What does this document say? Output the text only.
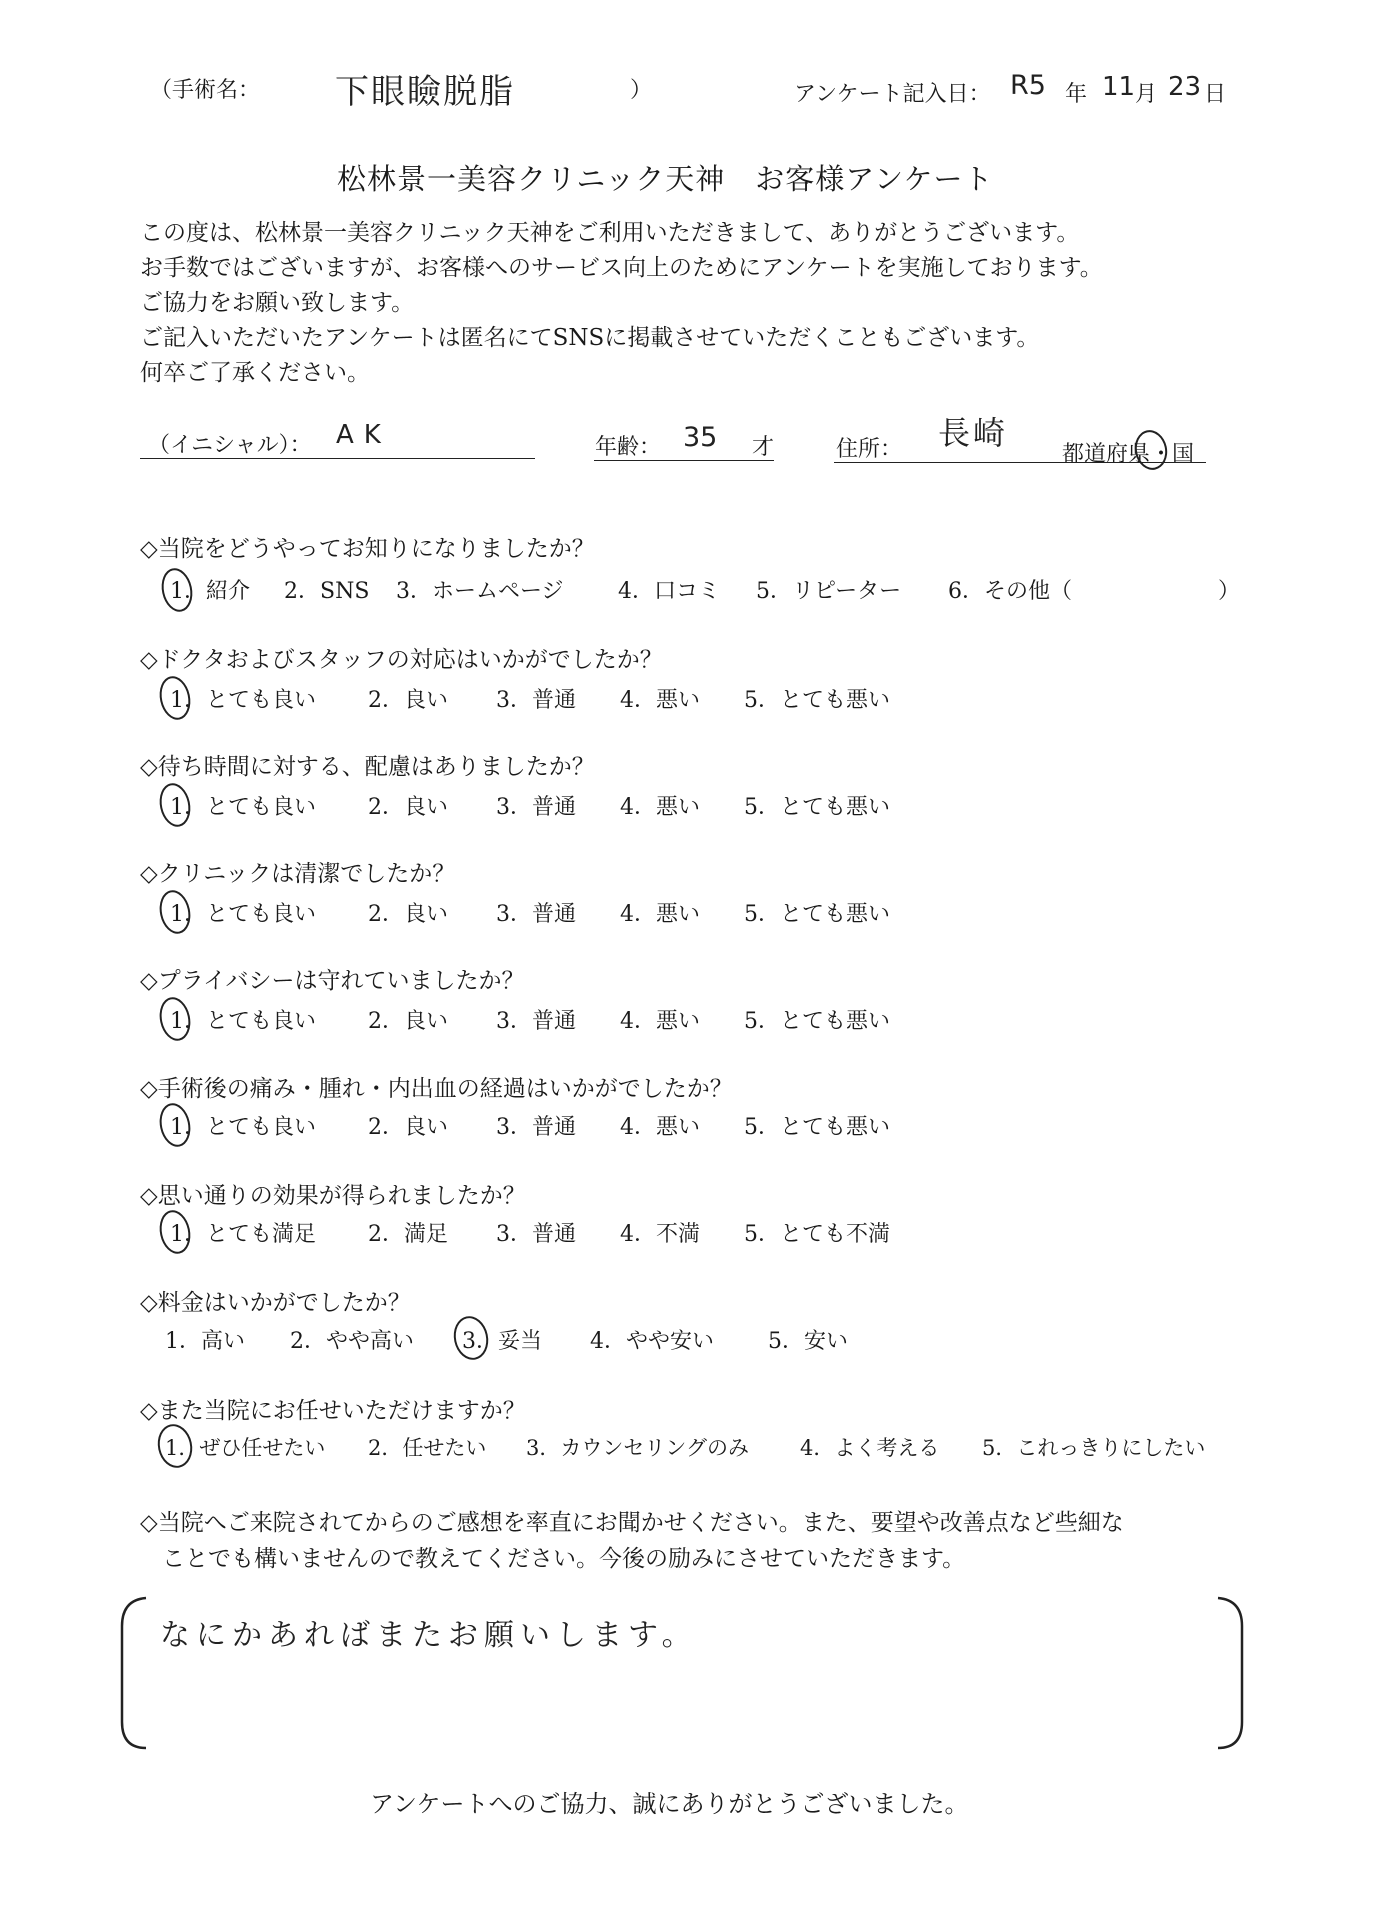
（手術名： 下眼瞼脱脂	）	アンケート記入日： R5 年 11 月 23 日
松林景一美容クリニック天神　お客様アンケート
この度は、松林景一美容クリニック天神をご利用いただきまして、ありがとうございます。
お手数ではございますが、お客様へのサービス向上のためにアンケートを実施しております。
ご協力をお願い致します。
ご記入いただいたアンケートは匿名にてSNSに掲載させていただくこともございます。
何卒ご了承ください。
（イニシャル）： AK	年齢： 35 才	住所： 長崎
都道府県・国
◇当院をどうやってお知りになりましたか？
1．紹介 2．SNS 3．ホームページ 4．口コミ 5．リピーター 6．その他（	）
◇ドクタおよびスタッフの対応はいかがでしたか？
1．とても良い 2．良い 3．普通 4．悪い 5．とても悪い
◇待ち時間に対する、配慮はありましたか？
1．とても良い 2．良い 3．普通 4．悪い 5．とても悪い
◇クリニックは清潔でしたか？
1．とても良い 2．良い 3．普通 4．悪い 5．とても悪い
◇プライバシーは守れていましたか？
1．とても良い 2．良い 3．普通 4．悪い 5．とても悪い
◇手術後の痛み・腫れ・内出血の経過はいかがでしたか？
1．とても良い 2．良い 3．普通 4．悪い 5．とても悪い
◇思い通りの効果が得られましたか？
1．とても満足 2．満足 3．普通 4．不満 5．とても不満
◇料金はいかがでしたか？
1．高い 2．やや高い 3．妥当 4．やや安い 5．安い
◇また当院にお任せいただけますか？
1．ぜひ任せたい 2．任せたい 3．カウンセリングのみ 4．よく考える 5．これっきりにしたい
◇当院へご来院されてからのご感想を率直にお聞かせください。また、要望や改善点など些細な
ことでも構いませんので教えてください。今後の励みにさせていただきます。
なにかあればまたお願いします。
アンケートへのご協力、誠にありがとうございました。
